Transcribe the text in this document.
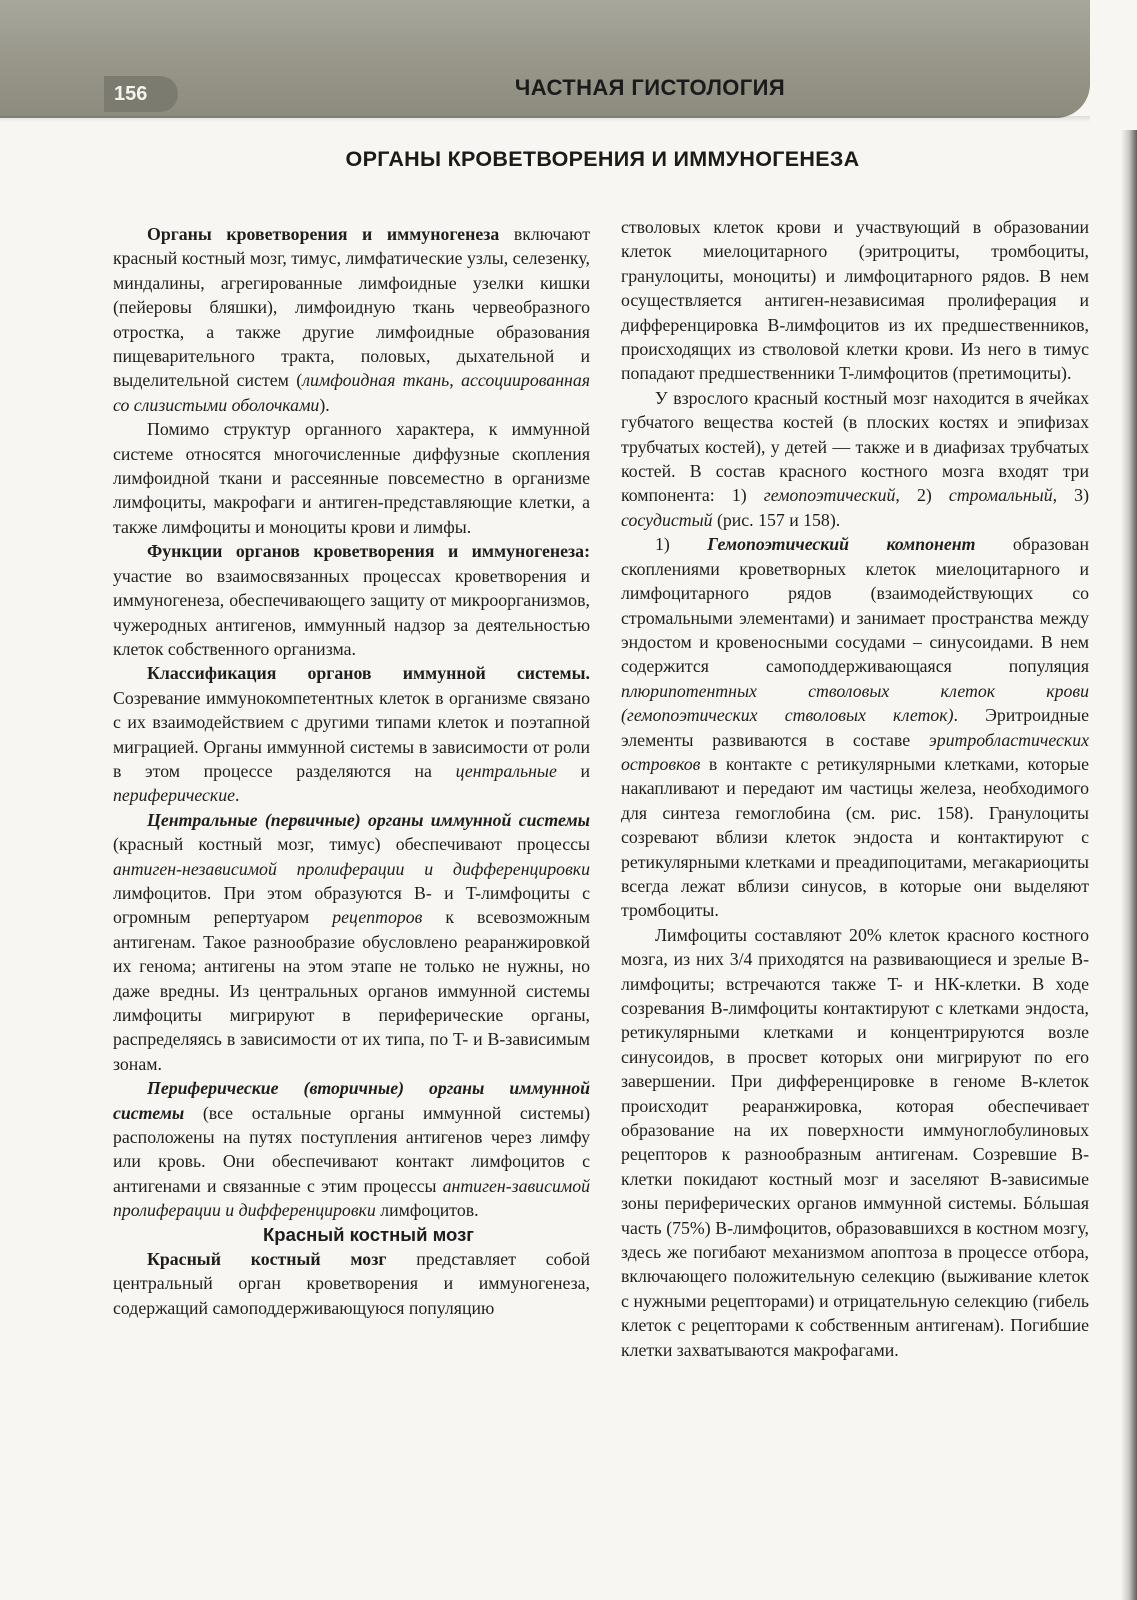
156	ЧАСТНАЯ ГИСТОЛОГИЯ
ОРГАНЫ КРОВЕТВОРЕНИЯ И ИММУНОГЕНЕЗА

Органы кроветворения и иммуногенеза включают красный костный мозг, тимус, лимфатические узлы, селезенку, миндалины, агрегированные лимфоидные узелки кишки (пейеровы бляшки), лимфоидную ткань червеобразного отростка, а также другие лимфоидные образования пищеварительного тракта, половых, дыхательной и выделительной систем (лимфоидная ткань, ассоциированная со слизистыми оболочками).

Помимо структур органного характера, к иммунной системе относятся многочисленные диффузные скопления лимфоидной ткани и рассеянные повсеместно в организме лимфоциты, макрофаги и антиген-представляющие клетки, а также лимфоциты и моноциты крови и лимфы.

Функции органов кроветворения и иммуногенеза: участие во взаимосвязанных процессах кроветворения и иммуногенеза, обеспечивающего защиту от микроорганизмов, чужеродных антигенов, иммунный надзор за деятельностью клеток собственного организма.

Классификация органов иммунной системы. Созревание иммунокомпетентных клеток в организме связано с их взаимодействием с другими типами клеток и поэтапной миграцией. Органы иммунной системы в зависимости от роли в этом процессе разделяются на центральные и периферические.

Центральные (первичные) органы иммунной системы (красный костный мозг, тимус) обеспечивают процессы антиген-независимой пролиферации и дифференцировки лимфоцитов. При этом образуются B- и T-лимфоциты с огромным репертуаром рецепторов к всевозможным антигенам. Такое разнообразие обусловлено реаранжировкой их генома; антигены на этом этапе не только не нужны, но даже вредны. Из центральных органов иммунной системы лимфоциты мигрируют в периферические органы, распределяясь в зависимости от их типа, по T- и B-зависимым зонам.

Периферические (вторичные) органы иммунной системы (все остальные органы иммунной системы) расположены на путях поступления антигенов через лимфу или кровь. Они обеспечивают контакт лимфоцитов с антигенами и связанные с этим процессы антиген-зависимой пролиферации и дифференцировки лимфоцитов.

Красный костный мозг

Красный костный мозг представляет собой центральный орган кроветворения и иммуногенеза, содержащий самоподдерживающуюся популяцию

стволовых клеток крови и участвующий в образовании клеток миелоцитарного (эритроциты, тромбоциты, гранулоциты, моноциты) и лимфоцитарного рядов. В нем осуществляется антиген-независимая пролиферация и дифференцировка B-лимфоцитов из их предшественников, происходящих из стволовой клетки крови. Из него в тимус попадают предшественники T-лимфоцитов (претимоциты).

У взрослого красный костный мозг находится в ячейках губчатого вещества костей (в плоских костях и эпифизах трубчатых костей), у детей — также и в диафизах трубчатых костей. В состав красного костного мозга входят три компонента: 1) гемопоэтический, 2) стромальный, 3) сосудистый (рис. 157 и 158).

1) Гемопоэтический компонент образован скоплениями кроветворных клеток миелоцитарного и лимфоцитарного рядов (взаимодействующих со стромальными элементами) и занимает пространства между эндостом и кровеносными сосудами – синусоидами. В нем содержится самоподдерживающаяся популяция плюрипотентных стволовых клеток крови (гемопоэтических стволовых клеток). Эритроидные элементы развиваются в составе эритробластических островков в контакте с ретикулярными клетками, которые накапливают и передают им частицы железа, необходимого для синтеза гемоглобина (см. рис. 158). Гранулоциты созревают вблизи клеток эндоста и контактируют с ретикулярными клетками и преадипоцитами, мегакариоциты всегда лежат вблизи синусов, в которые они выделяют тромбоциты.

Лимфоциты составляют 20% клеток красного костного мозга, из них 3/4 приходятся на развивающиеся и зрелые B-лимфоциты; встречаются также T- и НК-клетки. В ходе созревания B-лимфоциты контактируют с клетками эндоста, ретикулярными клетками и концентрируются возле синусоидов, в просвет которых они мигрируют по его завершении. При дифференцировке в геноме B-клеток происходит реаранжировка, которая обеспечивает образование на их поверхности иммуноглобулиновых рецепторов к разнообразным антигенам. Созревшие B-клетки покидают костный мозг и заселяют B-зависимые зоны периферических органов иммунной системы. Бóльшая часть (75%) B-лимфоцитов, образовавшихся в костном мозгу, здесь же погибают механизмом апоптоза в процессе отбора, включающего положительную селекцию (выживание клеток с нужными рецепторами) и отрицательную селекцию (гибель клеток с рецепторами к собственным антигенам). Погибшие клетки захватываются макрофагами.
